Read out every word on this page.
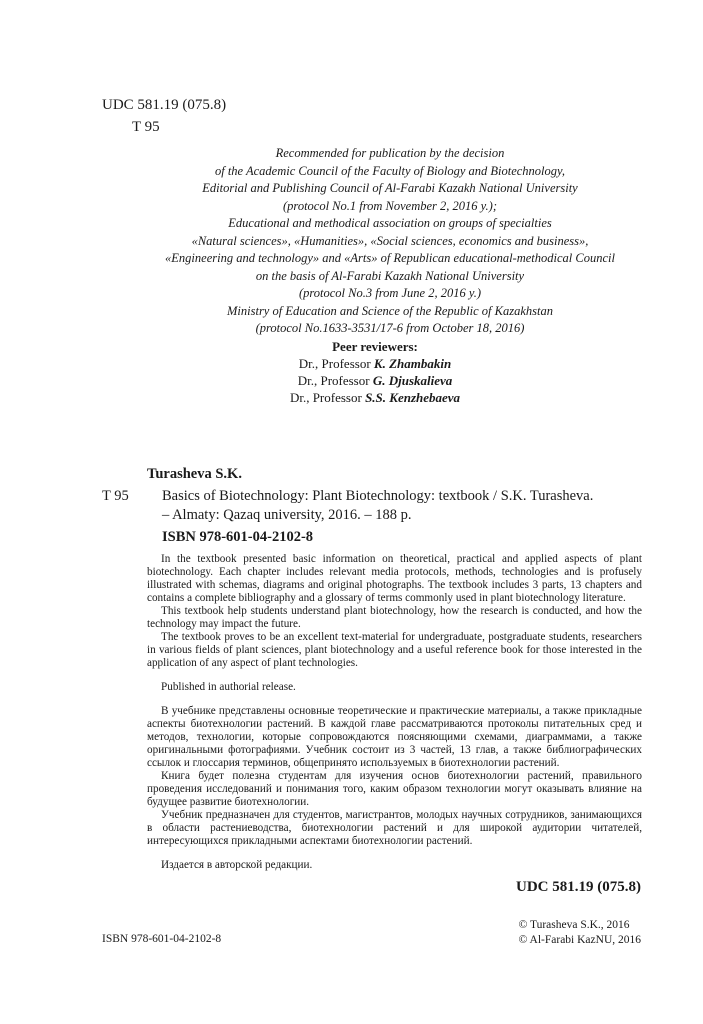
UDC 581.19 (075.8)
T 95
Recommended for publication by the decision
of the Academic Council of the Faculty of Biology and Biotechnology,
Editorial and Publishing Council of Al-Farabi Kazakh National University
(protocol No.1 from November 2, 2016 y.);
Educational and methodical association on groups of specialties
«Natural sciences», «Humanities», «Social sciences, economics and business»,
«Engineering and technology» and «Arts» of Republican educational-methodical Council
on the basis of Al-Farabi Kazakh National University
(protocol No.3 from June 2, 2016 y.)
Ministry of Education and Science of the Republic of Kazakhstan
(protocol No.1633-3531/17-6 from October 18, 2016)
Peer reviewers:
Dr., Professor K. Zhambakin
Dr., Professor G. Djuskalieva
Dr., Professor S.S. Kenzhebaeva
Turasheva S.K.
T 95 Basics of Biotechnology: Plant Biotechnology: textbook / S.K. Turasheva.
– Almaty: Qazaq university, 2016. – 188 p.
ISBN 978-601-04-2102-8

In the textbook presented basic information on theoretical, practical and applied aspects of plant biotechnology. Each chapter includes relevant media protocols, methods, technologies and is profusely illustrated with schemas, diagrams and original photographs. The textbook includes 3 parts, 13 chapters and contains a complete bibliography and a glossary of terms commonly used in plant biotechnology literature.

This textbook help students understand plant biotechnology, how the research is conducted, and how the technology may impact the future.

The textbook proves to be an excellent text-material for undergraduate, postgraduate students, researchers in various fields of plant sciences, plant biotechnology and a useful reference book for those interested in the application of any aspect of plant technologies.

Published in authorial release.

В учебнике представлены основные теоретические и практические материалы, а также прикладные аспекты биотехнологии растений. В каждой главе рассматриваются протоколы питательных сред и методов, технологии, которые сопровождаются поясняющими схемами, диаграммами, а также оригинальными фотографиями. Учебник состоит из 3 частей, 13 глав, а также библиографических ссылок и глоссария терминов, общепринято используемых в биотехнологии растений.

Книга будет полезна студентам для изучения основ биотехнологии растений, правильного проведения исследований и понимания того, каким образом технологии могут оказывать влияние на будущее развитие биотехнологии.

Учебник предназначен для студентов, магистрантов, молодых научных сотрудников, занимающихся в области растениеводства, биотехнологии растений и для широкой аудитории читателей, интересующихся прикладными аспектами биотехнологии растений.

Издается в авторской редакции.

UDC 581.19 (075.8)
© Turasheva S.K., 2016
© Al-Farabi KazNU, 2016
ISBN 978-601-04-2102-8
